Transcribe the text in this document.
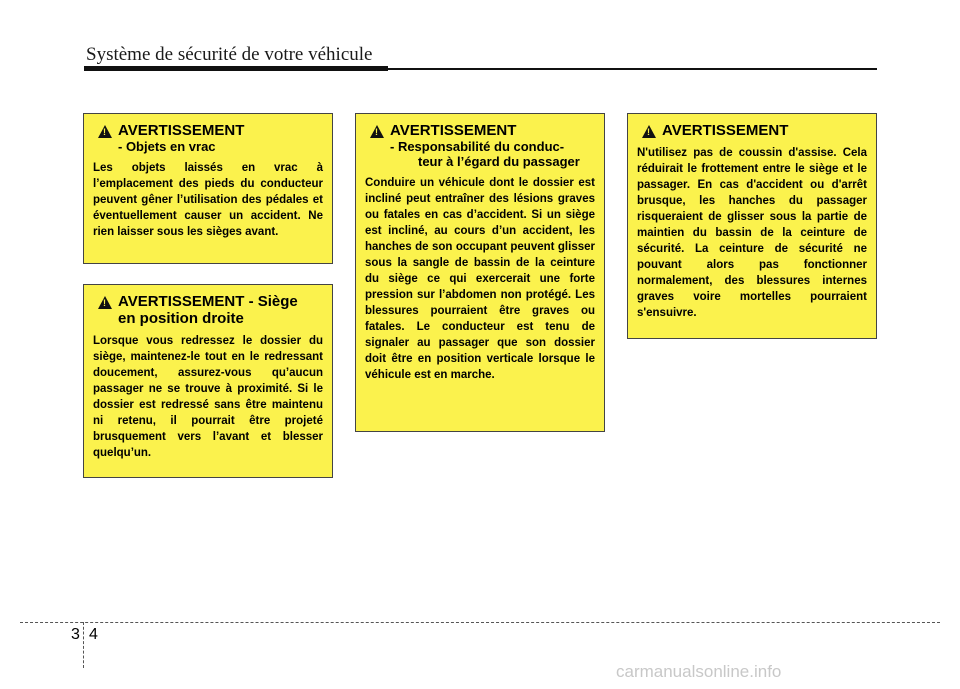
Système de sécurité de votre véhicule
!
AVERTISSEMENT
- Objets en vrac
Les objets laissés en vrac à l’emplacement des pieds du conducteur peuvent gêner l’utilisation des pédales et éventuellement causer un accident. Ne rien laisser sous les sièges avant.
!
AVERTISSEMENT - Siège
en position droite
Lorsque vous redressez le dossier du siège, maintenez-le tout en le redressant doucement, assurez-vous qu’aucun passager ne se trouve à proximité. Si le dossier est redressé sans être maintenu ni retenu, il pourrait être projeté brusquement vers l’avant et blesser quelqu’un.
!
AVERTISSEMENT
- Responsabilité du conduc-
teur à l’égard du passager
Conduire un véhicule dont le dossier est incliné peut entraîner des lésions graves ou fatales en cas d’accident. Si un siège est incliné, au cours d’un accident, les hanches de son occupant peuvent glisser sous la sangle de bassin de la ceinture du siège ce qui exercerait une forte pression sur l’abdomen non protégé. Les blessures pourraient être graves ou fatales. Le conducteur est tenu de signaler au passager que son dossier doit être en position verticale lorsque le véhicule est en marche.
!
AVERTISSEMENT
N'utilisez pas de coussin d'assise. Cela réduirait le frottement entre le siège et le passager. En cas d'accident ou d'arrêt brusque, les hanches du passager risqueraient de glisser sous la partie de maintien du bassin de la ceinture de sécurité. La ceinture de sécurité ne pouvant alors pas fonctionner normalement, des blessures internes graves voire mortelles pourraient s'ensuivre.
3 4
carmanualsonline.info
